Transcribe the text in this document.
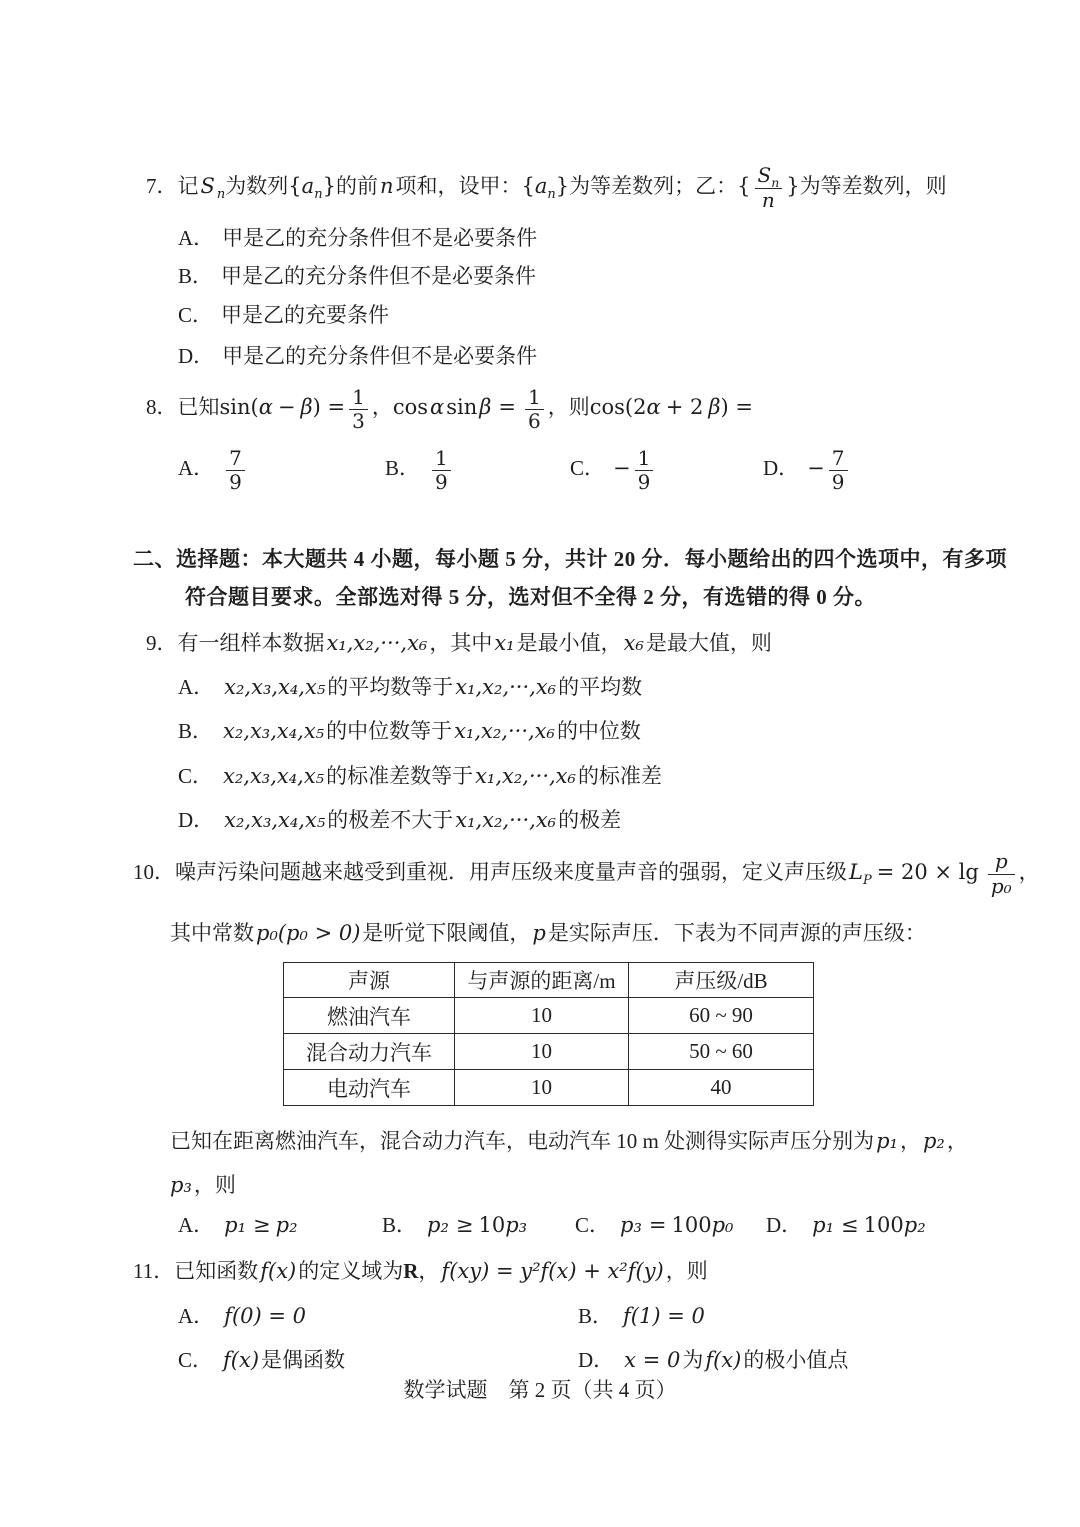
7．记S $_n$为数列$\{a_n\}$的前n项和，设甲：$\{a_n\}$为等差数列；乙：{ $\frac{S_n}{n}$ }为等差数列，则
A． 甲是乙的充分条件但不是必要条件
B． 甲是乙的充分条件但不是必要条件
C． 甲是乙的充要条件
D． 甲是乙的充分条件但不是必要条件
8．已知$\sin(\alpha - \beta) = \frac{1}{3}$ ，$\cos\alpha\sin\beta = \frac{1}{6}$ ，则cos(2α + 2 β) =
A． $\frac{7}{9}$	B． $\frac{1}{9}$	C． − $\frac{1}{9}$	D． − $\frac{7}{9}$
二、选择题：本大题共 4 小题，每小题 5 分，共计 20 分．每小题给出的四个选项中，有多项
符合题目要求。全部选对得 5 分，选对但不全得 2 分，有选错的得 0 分。
9．有一组样本数据x₁,x₂,···,x₆，其中x₁是最小值，x₆是最大值，则
A． x₂,x₃,x₄,x₅的平均数等于x₁,x₂,···,x₆的平均数
B． x₂,x₃,x₄,x₅的中位数等于x₁,x₂,···,x₆的中位数
C． x₂,x₃,x₄,x₅的标准差数等于x₁,x₂,···,x₆的标准差
D． x₂,x₃,x₄,x₅的极差不大于x₁,x₂,···,x₆的极差
10．噪声污染问题越来越受到重视．用声压级来度量声音的强弱，定义声压级$L_P = 20 \times \lg \frac{p}{\text{p₀}}$ ，
其中常数p₀(p₀ > 0)是听觉下限阈值，p是实际声压．下表为不同声源的声压级：
声源	与声源的距离/m	声压级/dB
燃油汽车	10	60 ~ 90
混合动力汽车	10	50 ~ 60
电动汽车	10	40
已知在距离燃油汽车，混合动力汽车，电动汽车 10 m 处测得实际声压分别为p₁，p₂，
p₃，则
A． p₁ ≥ p₂	B． p₂ ≥ 10p₃ C． p₃ = 100p₀ D． p₁ ≤ 100p₂
11．已知函数f(x)的定义域为R，f(xy) = y²f(x) + x²f(y)，则
A． f(0) = 0	B． f(1) = 0
C． f(x)是偶函数	D． x = 0为f(x)的极小值点
数学试题　第 2 页（共 4 页）
